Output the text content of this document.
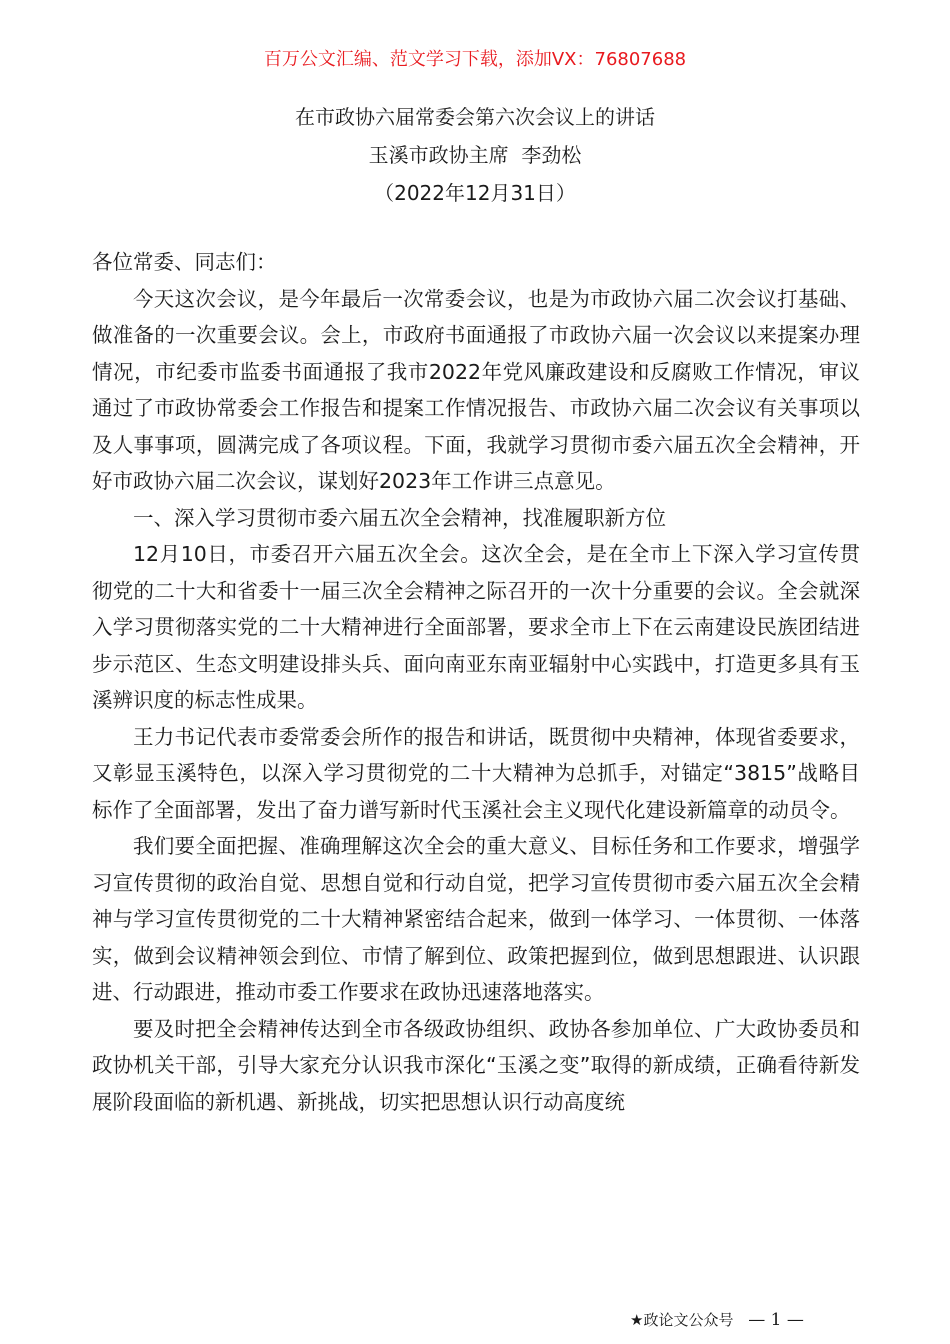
百万公文汇编、范文学习下载，添加VX：76807688
在市政协六届常委会第六次会议上的讲话
玉溪市政协主席  李劲松
（2022年12月31日）

各位常委、同志们：

今天这次会议，是今年最后一次常委会议，也是为市政协六届二次会议打基础、做准备的一次重要会议。会上，市政府书面通报了市政协六届一次会议以来提案办理情况，市纪委市监委书面通报了我市2022年党风廉政建设和反腐败工作情况，审议通过了市政协常委会工作报告和提案工作情况报告、市政协六届二次会议有关事项以及人事事项，圆满完成了各项议程。下面，我就学习贯彻市委六届五次全会精神，开好市政协六届二次会议，谋划好2023年工作讲三点意见。

一、深入学习贯彻市委六届五次全会精神，找准履职新方位

12月10日，市委召开六届五次全会。这次全会，是在全市上下深入学习宣传贯彻党的二十大和省委十一届三次全会精神之际召开的一次十分重要的会议。全会就深入学习贯彻落实党的二十大精神进行全面部署，要求全市上下在云南建设民族团结进步示范区、生态文明建设排头兵、面向南亚东南亚辐射中心实践中，打造更多具有玉溪辨识度的标志性成果。

王力书记代表市委常委会所作的报告和讲话，既贯彻中央精神，体现省委要求，又彰显玉溪特色，以深入学习贯彻党的二十大精神为总抓手，对锚定“3815”战略目标作了全面部署，发出了奋力谱写新时代玉溪社会主义现代化建设新篇章的动员令。

我们要全面把握、准确理解这次全会的重大意义、目标任务和工作要求，增强学习宣传贯彻的政治自觉、思想自觉和行动自觉，把学习宣传贯彻市委六届五次全会精神与学习宣传贯彻党的二十大精神紧密结合起来，做到一体学习、一体贯彻、一体落实，做到会议精神领会到位、市情了解到位、政策把握到位，做到思想跟进、认识跟进、行动跟进，推动市委工作要求在政协迅速落地落实。

要及时把全会精神传达到全市各级政协组织、政协各参加单位、广大政协委员和政协机关干部，引导大家充分认识我市深化“玉溪之变”取得的新成绩，正确看待新发展阶段面临的新机遇、新挑战，切实把思想认识行动高度统

★政论文公众号 — 1 —
